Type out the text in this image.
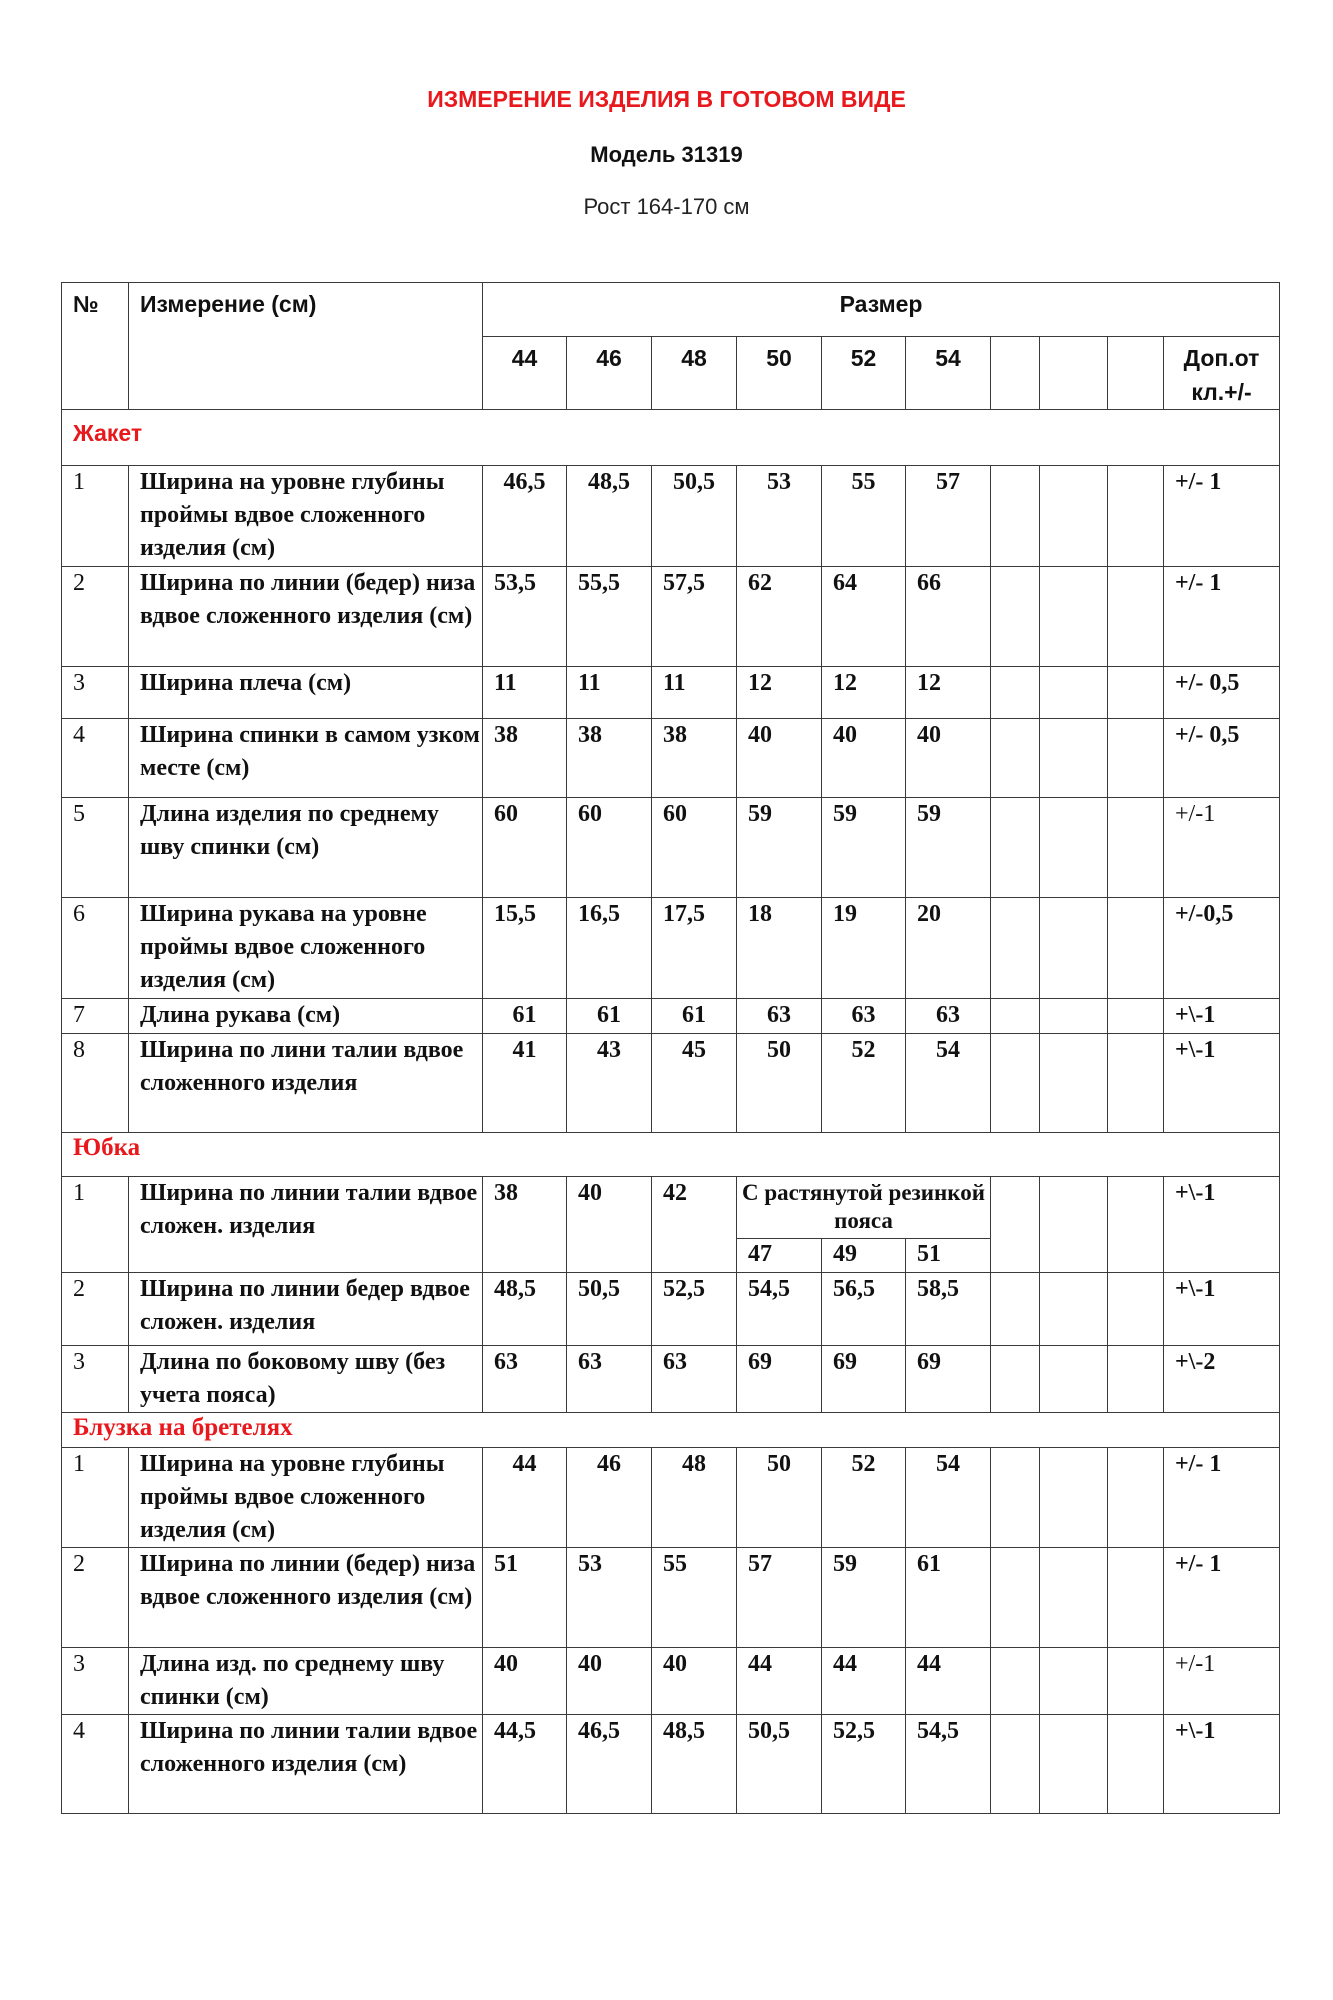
ИЗМЕРЕНИЕ ИЗДЕЛИЯ В ГОТОВОМ ВИДЕ
Модель 31319
Рост 164-170 см
№	Измерение (см)	Размер									
		44	46	48	50	52	54				Доп.от кл.+/-
Жакет											
1	Ширина на уровне глубины проймы вдвое сложенного изделия (см)	46,5	48,5	50,5	53	55	57				+/- 1
2	Ширина по линии (бедер) низа вдвое сложенного изделия (см)	53,5	55,5	57,5	62	64	66				+/- 1
3	Ширина плеча (см)	11	11	11	12	12	12				+/- 0,5
4	Ширина спинки в самом узком месте (см)	38	38	38	40	40	40				+/- 0,5
5	Длина изделия по среднему шву спинки (см)	60	60	60	59	59	59				+/-1
6	Ширина рукава на уровне проймы вдвое сложенного изделия (см)	15,5	16,5	17,5	18	19	20				+/-0,5
7	Длина рукава (см)	61	61	61	63	63	63				+\-1
8	Ширина по лини талии вдвое сложенного изделия	41	43	45	50	52	54				+\-1
Юбка											
1	Ширина по линии талии вдвое сложен. изделия	38	40	42	С растянутой резинкой пояса						+\-1
					47	49	51				
2	Ширина по линии бедер вдвое сложен. изделия	48,5	50,5	52,5	54,5	56,5	58,5				+\-1
3	Длина по боковому шву (без учета пояса)	63	63	63	69	69	69				+\-2
Блузка на бретелях											
1	Ширина на уровне глубины проймы вдвое сложенного изделия (см)	44	46	48	50	52	54				+/- 1
2	Ширина по линии (бедер) низа вдвое сложенного изделия (см)	51	53	55	57	59	61				+/- 1
3	Длина изд. по среднему шву спинки (см)	40	40	40	44	44	44				+/-1
4	Ширина по линии талии вдвое сложенного изделия (см)	44,5	46,5	48,5	50,5	52,5	54,5				+\-1
